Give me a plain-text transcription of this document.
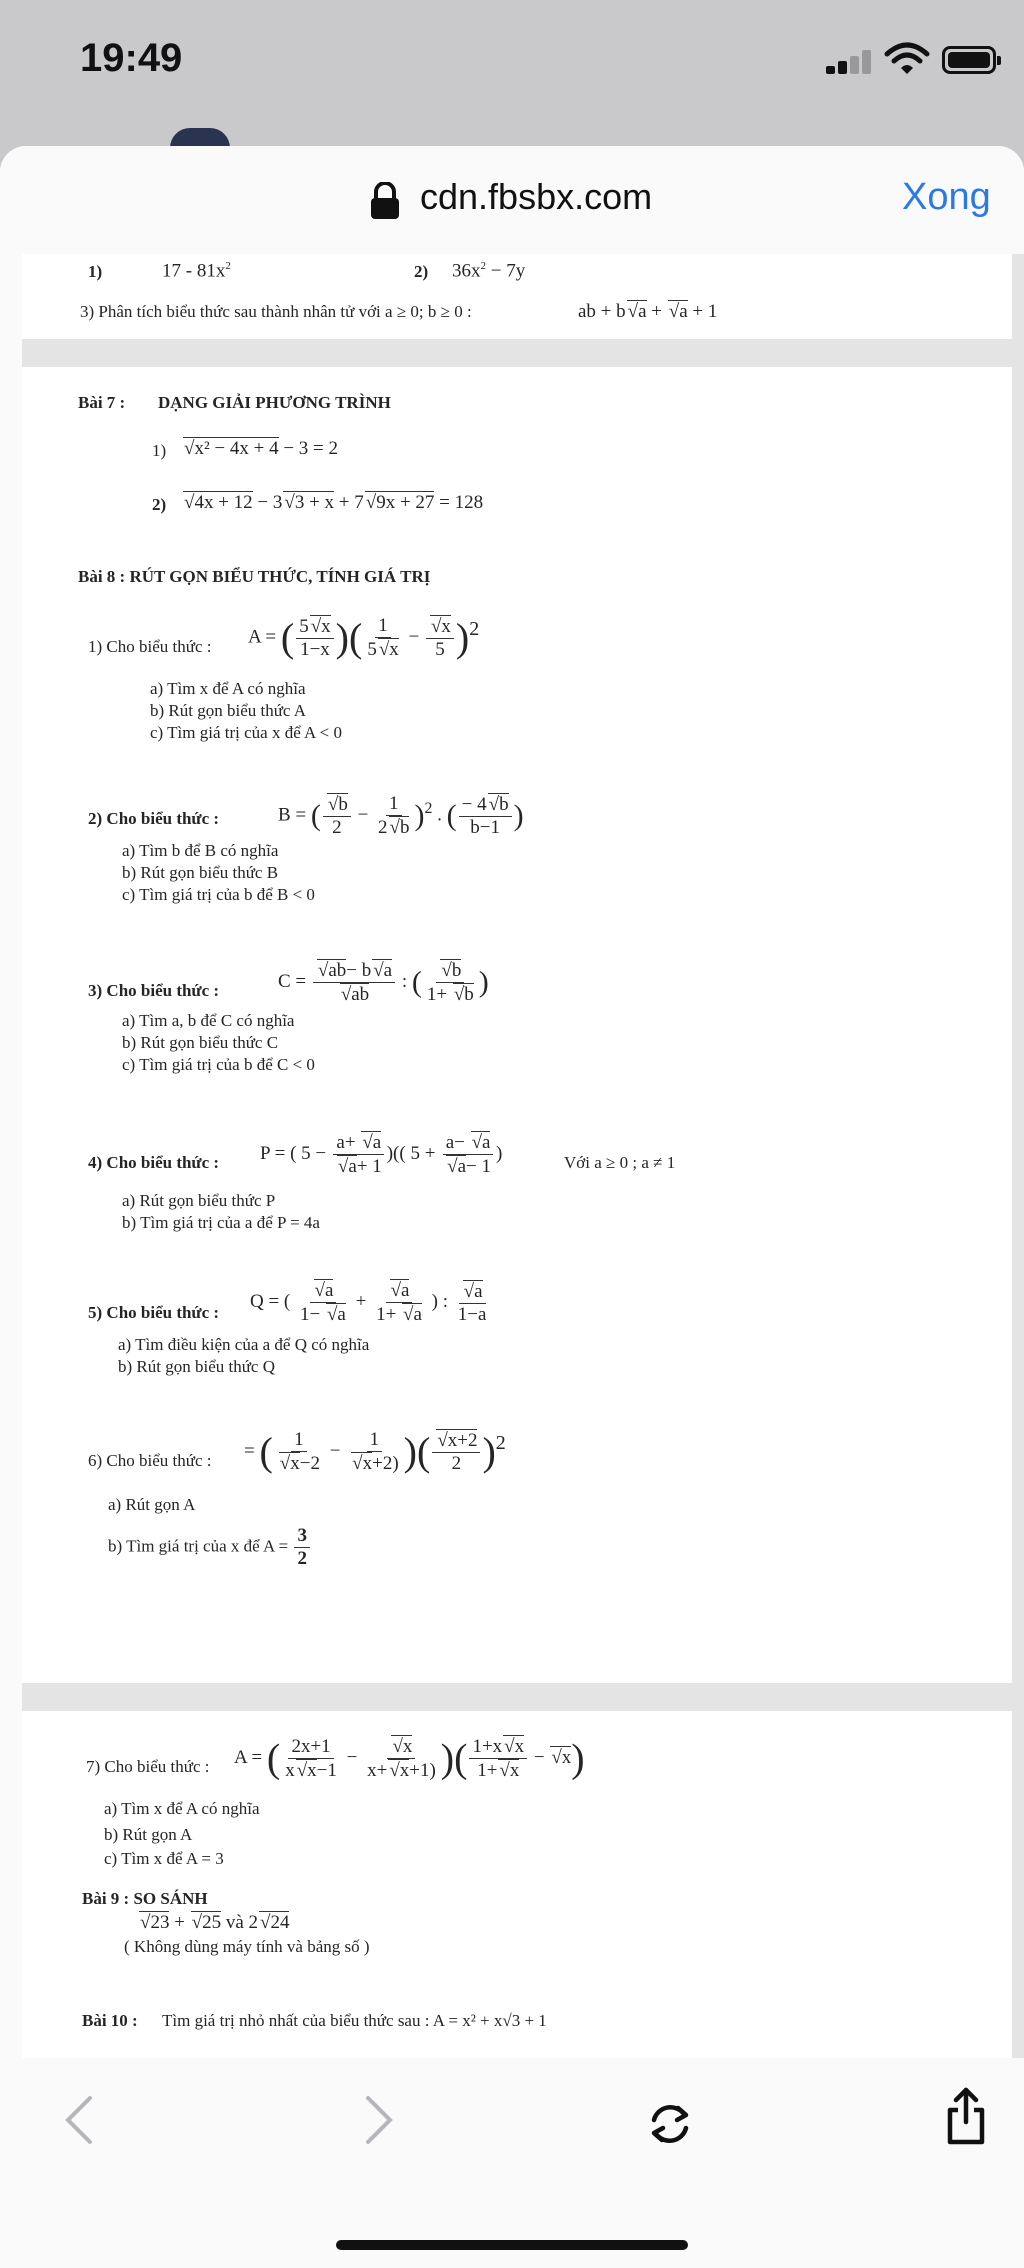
19:49
cdn.fbsbx.com	Xong
1)	$17 - 81x^2$	2) $36x^2 - 7y$
3) Phân tích biểu thức sau thành nhân tử với a ≥ 0; b ≥ 0 :	ab + b √ a + √ a + 1
Bài 7 : DẠNG GIẢI PHƯƠNG TRÌNH
1)	√ x² − 4x + 4 − 3 = 2
2)	√ 4x + 12 − 3 √ 3 + x + 7 √ 9x + 27 = 128
Bài 8 : RÚT GỌN BIỂU THỨC, TÍNH GIÁ TRỊ
1) Cho biểu thức : A = ( $\frac{5 √ x}{1-x}$ )( $\frac{1}{5 √ x}$ − √ $\frac{x}{5} )^2$
a) Tìm x để A có nghĩa
b) Rút gọn biểu thức A
c) Tìm giá trị của x để A < 0
2) Cho biểu thức :	B = ( √ $\frac{b}{2} - \frac{1}{2 √ b} )^2$ . ( $\frac{- 4 √ b}{b-1}$ )
a) Tìm b để B có nghĩa
b) Rút gọn biểu thức B
c) Tìm giá trị của b để B < 0
3) Cho biểu thức :	C = √ ab− b √ a
√ ab : ( √ $\frac{b}{1+ √ b}$ )
a) Tìm a, b để C có nghĩa
b) Rút gọn biểu thức C
c) Tìm giá trị của b để C < 0
4) Cho biểu thức : P = ( 5 − a+ √ a
√ a+ 1 )(( 5 + a− √ a
√ a− 1 )	Với a ≥ 0 ; a ≠ 1
a) Rút gọn biểu thức P
b) Tìm giá trị của a để P = 4a
5) Cho biểu thức :
Q = ( √ $\frac{a}{1- √ a}$ + √ $\frac{a}{1+ √ a}$ ) : √ $\frac{a}{1-a}$
a) Tìm điều kiện của a để Q có nghĩa
b) Rút gọn biểu thức Q
6) Cho biểu thức : = ( 1
√ x−2 − 1
√ x+2) )( √ $\frac{x+2}{2} )^2$
a) Rút gọn A
b) Tìm giá trị của x để $A = \frac{3}{2}$
7) Cho biểu thức : A = ( $\frac{2x+1}{x √ x-1}$ − √ $\frac{x}{x+ √ x+1)}$ )( $\frac{1+x √ x}{1+ √ x}$ − √ x)
a) Tìm x để A có nghĩa
b) Rút gọn A
c) Tìm x để A = 3
Bài 9 : SO SÁNH
√ 23 + √ 25 và 2 √ 24
( Không dùng máy tính và bảng số )
Bài 10 : Tìm giá trị nhỏ nhất của biểu thức sau : A = x² + x√3 + 1
